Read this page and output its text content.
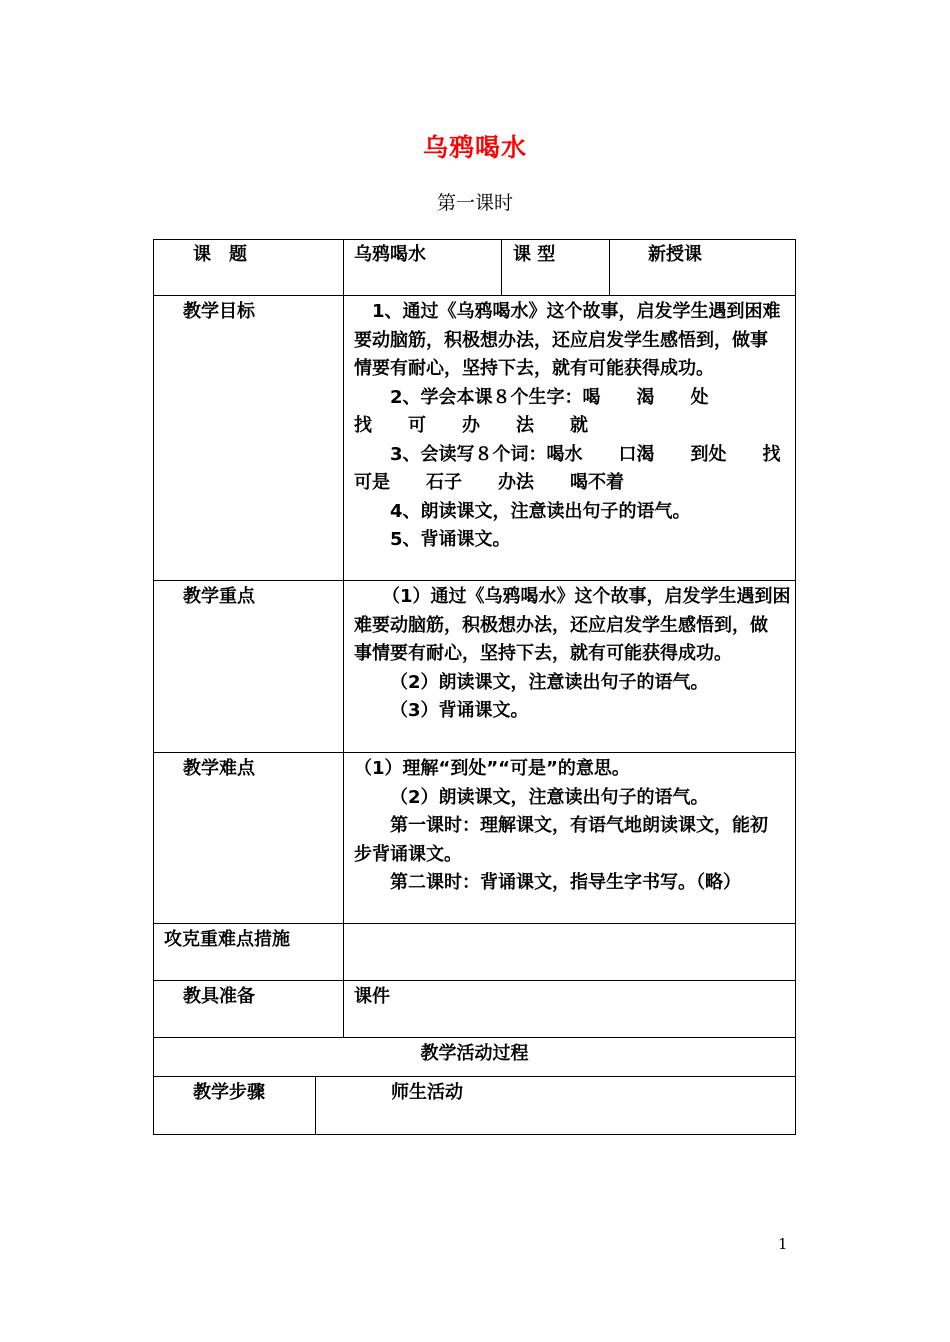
乌鸦喝水
第一课时
课　题	乌鸦喝水	课 型	新授课
教学目标	1、通过《乌鸦喝水》这个故事，启发学生遇到困难
要动脑筋，积极想办法，还应启发学生感悟到，做事
情要有耐心，坚持下去，就有可能获得成功。
2、学会本课８个生字：喝　　渴　　处
找　　可　　办　　法　　就
3、会读写８个词：喝水　　口渴　　到处　　找
可是　　石子　　办法　　喝不着
4、朗读课文，注意读出句子的语气。
5、背诵课文。
教学重点	（1）通过《乌鸦喝水》这个故事，启发学生遇到困
难要动脑筋，积极想办法，还应启发学生感悟到，做
事情要有耐心，坚持下去，就有可能获得成功。
（2）朗读课文，注意读出句子的语气。
（3）背诵课文。
教学难点	（1）理解“到处”“可是”的意思。
（2）朗读课文，注意读出句子的语气。
第一课时：理解课文，有语气地朗读课文，能初
步背诵课文。
第二课时：背诵课文，指导生字书写。（略）
攻克重难点措施
教具准备	课件
教学活动过程
教学步骤	师生活动
1
